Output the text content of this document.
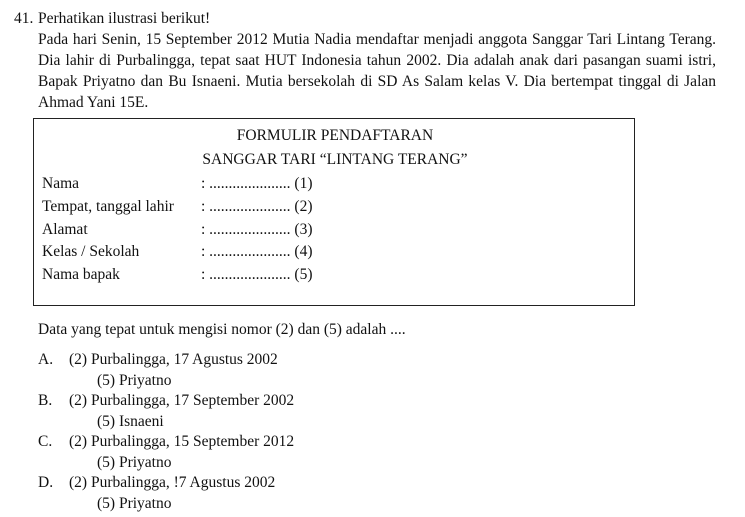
41. Perhatikan ilustrasi berikut!

Pada hari Senin, 15 September 2012 Mutia Nadia mendaftar menjadi anggota Sanggar Tari Lintang Terang. Dia lahir di Purbalingga, tepat saat HUT Indonesia tahun 2002. Dia adalah anak dari pasangan suami istri, Bapak Priyatno dan Bu Isnaeni. Mutia bersekolah di SD As Salam kelas V. Dia bertempat tinggal di Jalan Ahmad Yani 15E.

FORMULIR PENDAFTARAN
SANGGAR TARI “LINTANG TERANG”
Nama	: ..................... (1)
Tempat, tanggal lahir : ..................... (2)
Alamat	: ..................... (3)
Kelas / Sekolah	: ..................... (4)
Nama bapak	: ..................... (5)
Data yang tepat untuk mengisi nomor (2) dan (5) adalah ....
A. (2) Purbalingga, 17 Agustus 2002
(5) Priyatno
B. (2) Purbalingga, 17 September 2002
(5) Isnaeni
C. (2) Purbalingga, 15 September 2012
(5) Priyatno
D. (2) Purbalingga, !7 Agustus 2002
(5) Priyatno
